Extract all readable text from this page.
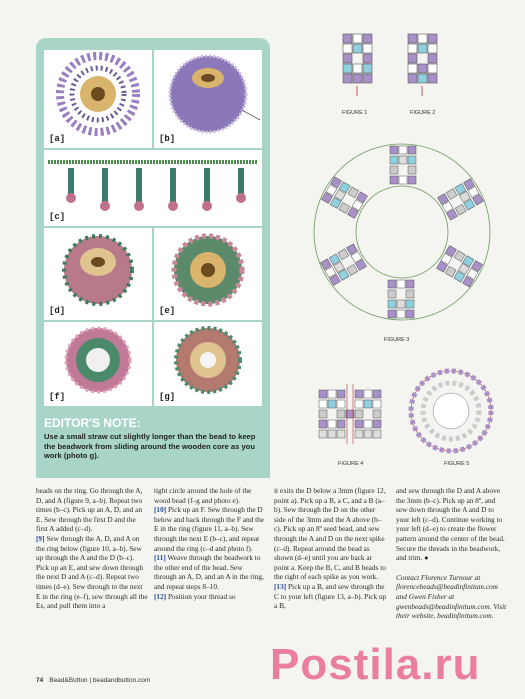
[a]	[b]
[c]
[d]	[e]
[f]	[g]
EDITOR'S NOTE:

Use a small straw cut slightly longer than the bead to keep the beadwork from sliding around the wooden core as you work (photo g).

FIGURE 1	FIGURE 2
FIGURE 3
FIGURE 4	FIGURE 5

beads on the ring. Go through the A, D, and A (figure 9, a–b). Repeat two times (b–c). Pick up an A, D, and an E. Sew through the first D and the first A added (c–d).

[9] Sew through the A, D, and A on the ring below (figure 10, a–b). Sew up through the A and the D (b–c). Pick up an E, and sew down through the next D and A (c–d). Repeat two times (d–e). Sew through to the next E in the ring (e–f), sew through all the Es, and pull them into a

tight circle around the hole of the wood bead (f–g and photo e).

[10] Pick up an F. Sew through the D below and back through the F and the E in the ring (figure 11, a–b). Sew through the next E (b–c), and repeat around the ring (c–d and photo f).

[11] Weave through the beadwork to the other end of the bead. Sew through an A, D, and an A in the ring, and repeat steps 8–10.

[12] Position your thread so

it exits the D below a 3mm (figure 12, point a). Pick up a B, a C, and a B (a–b). Sew through the D on the other side of the 3mm and the A above (b–c). Pick up an 8º seed bead, and sew through the A and D on the next spike (c–d). Repeat around the bead as shown (d–e) until you are back at point a. Keep the B, C, and B beads to the right of each spike as you work.

[13] Pick up a B, and sew through the C to your left (figure 13, a–b). Pick up a B,

and sew through the D and A above the 3mm (b–c). Pick up an 8º, and sew down through the A and D to your left (c–d). Continue working to your left (d–e) to create the flower pattern around the center of the bead. Secure the threads in the beadwork, and trim. ●

Contact Florence Turnour at florencebeads@beadinfinitum.com and Gwen Fisher at gwenbeads@beadinfinitum.com. Visit their website, beadinfinitum.com.

74 Bead&Button | beadandbutton.com	Postila.ru
